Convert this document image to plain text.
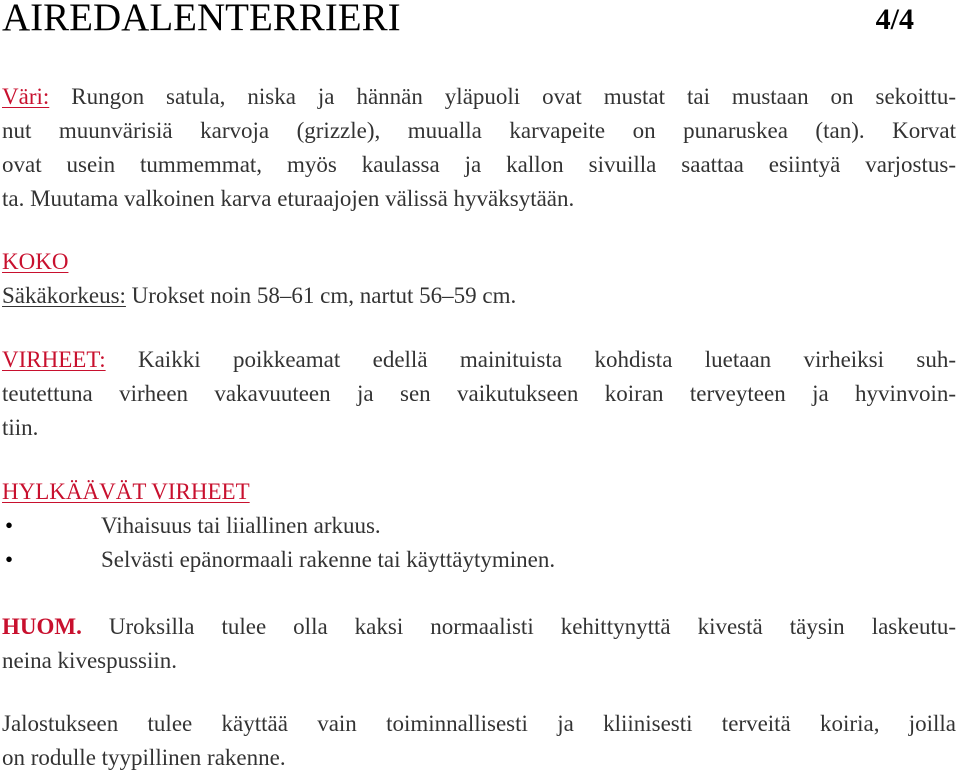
AIREDALENTERRIERI	4/4
Väri: Rungon satula, niska ja hännän yläpuoli ovat mustat tai mustaan on sekoittu-
nut muunvärisiä karvoja (grizzle), muualla karvapeite on punaruskea (tan). Korvat
ovat usein tummemmat, myös kaulassa ja kallon sivuilla saattaa esiintyä varjostus-
ta. Muutama valkoinen karva eturaajojen välissä hyväksytään.
KOKO
Säkäkorkeus: Urokset noin 58–61 cm, nartut 56–59 cm.
VIRHEET: Kaikki poikkeamat edellä mainituista kohdista luetaan virheiksi suh-
teutettuna virheen vakavuuteen ja sen vaikutukseen koiran terveyteen ja hyvinvoin-
tiin.
HYLKÄÄVÄT VIRHEET
•	Vihaisuus tai liiallinen arkuus.
•	Selvästi epänormaali rakenne tai käyttäytyminen.
HUOM. Uroksilla tulee olla kaksi normaalisti kehittynyttä kivestä täysin laskeutu-
neina kivespussiin.
Jalostukseen tulee käyttää vain toiminnallisesti ja kliinisesti terveitä koiria, joilla
on rodulle tyypillinen rakenne.
